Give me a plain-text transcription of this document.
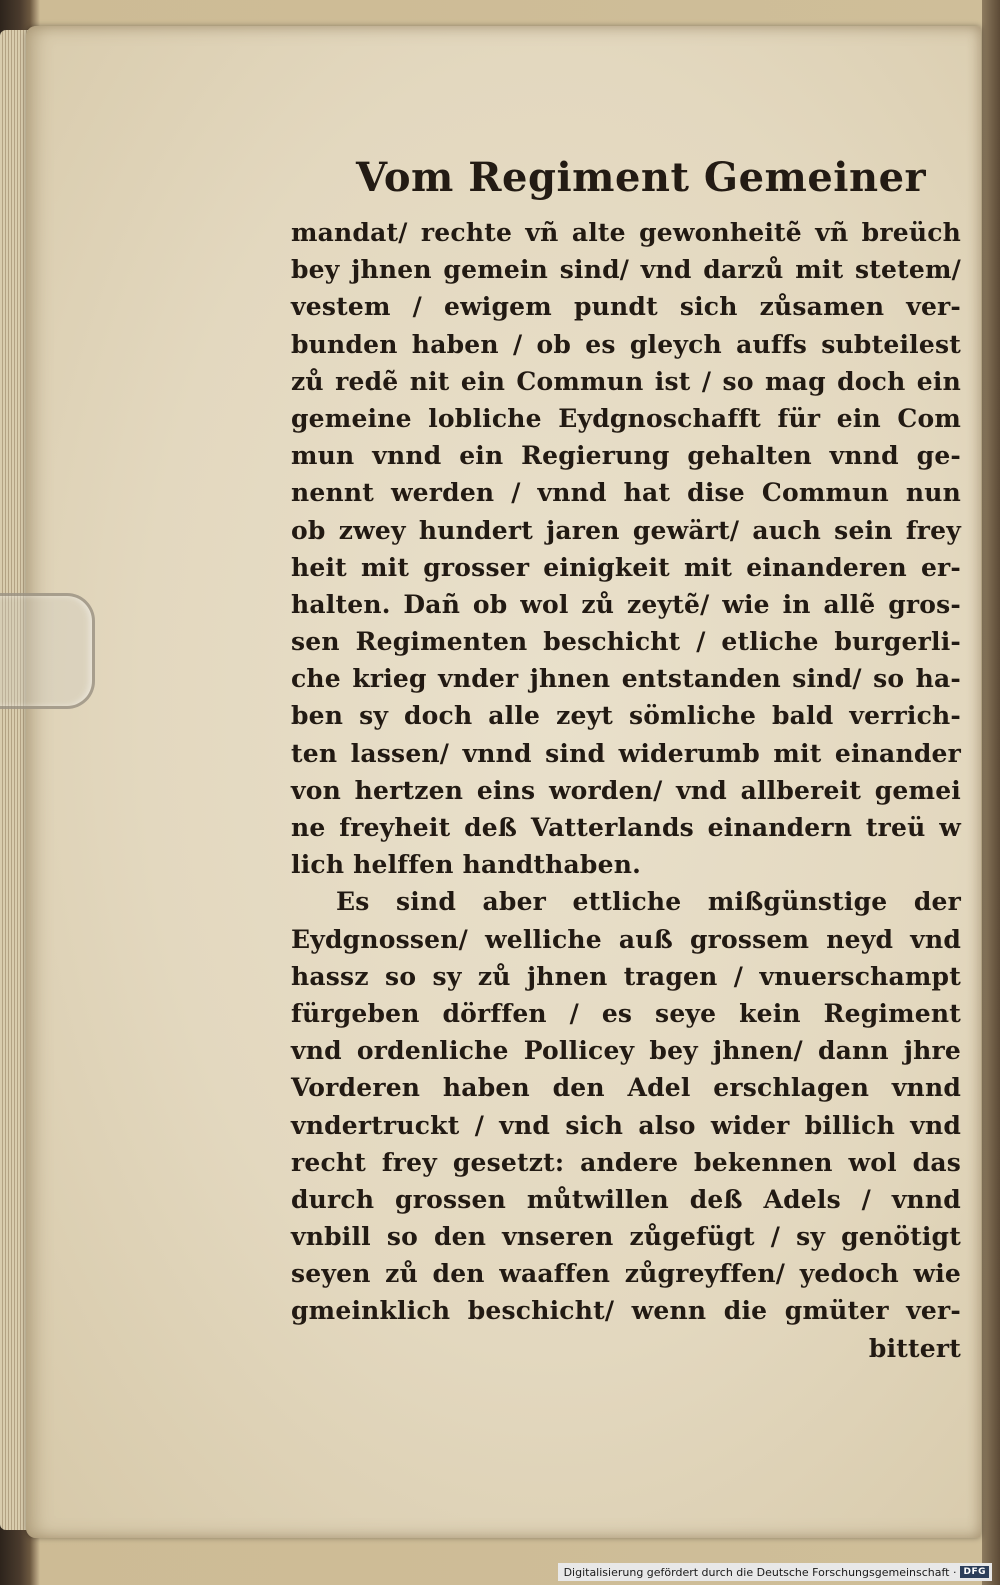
Vom Regiment Gemeiner
mandat/ rechte vñ alte gewonheitẽ vñ breüch
bey jhnen gemein sind/ vnd darzů mit stetem/
vestem / ewigem pundt sich zůsamen ver-
bunden haben / ob es gleych auffs subteilest
zů redẽ nit ein Commun ist / so mag doch ein
gemeine lobliche Eydgnoschafft für ein Com
mun vnnd ein Regierung gehalten vnnd ge-
nennt werden / vnnd hat dise Commun nun
ob zwey hundert jaren gewärt/ auch sein frey
heit mit grosser einigkeit mit einanderen er-
halten. Dañ ob wol zů zeytẽ/ wie in allẽ gros-
sen Regimenten beschicht / etliche burgerli-
che krieg vnder jhnen entstanden sind/ so ha-
ben sy doch alle zeyt sömliche bald verrich-
ten lassen/ vnnd sind widerumb mit einander
von hertzen eins worden/ vnd allbereit gemei
ne freyheit deß Vatterlands einandern treü w
lich helffen handthaben.
Es sind aber ettliche mißgünstige der
Eydgnossen/ welliche auß grossem neyd vnd
hassz so sy zů jhnen tragen / vnuerschampt
fürgeben dörffen / es seye kein Regiment
vnd ordenliche Pollicey bey jhnen/ dann jhre
Vorderen haben den Adel erschlagen vnnd
vndertruckt / vnd sich also wider billich vnd
recht frey gesetzt: andere bekennen wol das
durch grossen můtwillen deß Adels / vnnd
vnbill so den vnseren zůgefügt / sy genötigt
seyen zů den waaffen zůgreyffen/ yedoch wie
gmeinklich beschicht/ wenn die gmüter ver-
bittert
Digitalisierung gefördert durch die Deutsche Forschungsgemeinschaft · DFG
